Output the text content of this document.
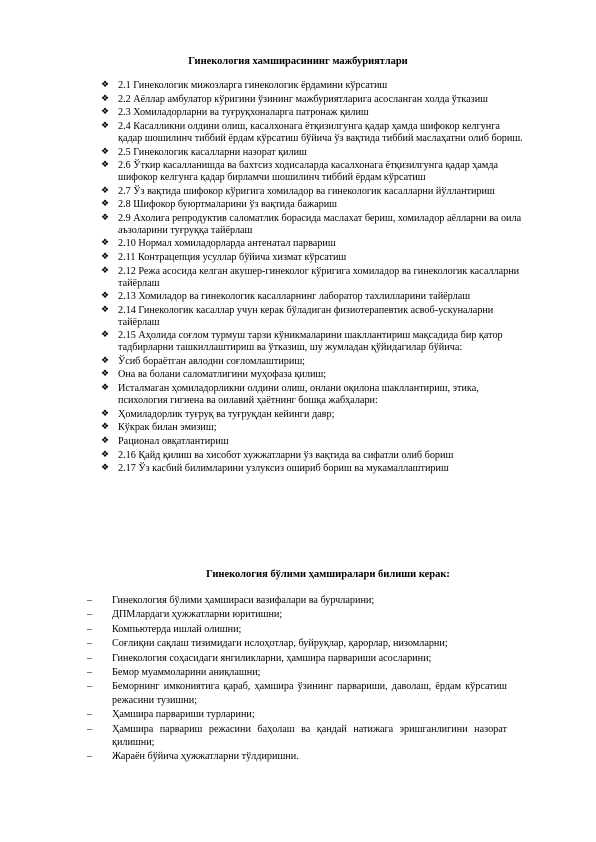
Гинекология хамширасининг мажбуриятлари
❖ 2.1 Гинекологик мижозларга гинекологик ёрдамини кўрсатиш
❖ 2.2 Аёллар амбулатор кўригини ўзининг мажбуриятларига асосланган холда ўтказиш
❖ 2.3 Хомиладорларни ва туғруқхоналарга патронаж қилиш
❖ 2.4 Касалликни олдини олиш, касалхонага ётқизилгунга қадар ҳамда шифокор келгунга қадар шошилинч тиббий ёрдам кўрсатиш бўйича ўз вақтида тиббий маслаҳатни олиб бориш.
❖ 2.5 Гинекологик касалларни назорат қилиш
❖ 2.6 Ўткир касалланишда ва бахтсиз ходисаларда касалхонага ётқизилгунга қадар ҳамда шифокор келгунга қадар бирламчи шошилинч тиббий ёрдам кўрсатиш
❖ 2.7 Ўз вақтида шифокор кўригига хомиладор ва гинекологик касалларни йўллантириш
❖ 2.8 Шифокор буюртмаларини ўз вақтида бажариш
❖ 2.9 Ахолига репродуктив саломатлик борасида маслахат бериш, хомиладор аёлларни ва оила аъзоларини туғруққа тайёрлаш
❖ 2.10 Нормал хомиладорларда антенатал парвариш
❖ 2.11 Контрацепция усуллар бўйича хизмат кўрсатиш
❖ 2.12 Режа асосида келган акушер-гинеколог кўригига хомиладор ва гинекологик касалларни тайёрлаш
❖ 2.13 Хомиладор ва гинекологик касалларнинг лаборатор тахлилларини тайёрлаш
❖ 2.14 Гинекологик касаллар учун керак бўладиган физиотерапевтик асвоб-ускуналарни тайёрлаш
❖ 2.15 Аҳолида соғлом турмуш тарзи кўникмаларини шакллантириш мақсадида бир қатор тадбирларни ташкиллаштириш ва ўтказиш, шу жумладан қўйидагилар бўйича:
❖ Ўсиб бораётган авлодни соғломлаштириш;
❖ Она ва болани саломатлигини муҳофаза қилиш;
❖ Исталмаган ҳомиладорликни олдини олиш, онлани оқилона шакллантириш, этика, психология гигиена ва оилавий ҳаётнинг бошқа жабҳалари:
❖ Ҳомиладорлик туғруқ ва туғруқдан кейинги давр;
❖ Кўкрак билан эмизиш;
❖ Рационал овқатлантириш
❖ 2.16 Қайд қилиш ва хисобот хужжатларни ўз вақтида ва сифатли олиб бориш
❖ 2.17 Ўз касбий билимларини узлуксиз ошириб бориш ва мукамаллаштириш
Гинекология бўлими ҳамширалари билиши керак:
– Гинекология бўлими ҳамшираси вазифалари ва бурчларини;
– ДПМлардаги ҳужжатларни юритишни;
– Компьютерда ишлай олишни;
– Соғлиқни сақлаш тизимидаги ислоҳотлар, буйруқлар, қарорлар, низомларни;
– Гинекология соҳасидаги янгиликларни, ҳамшира парвариши асосларини;
– Бемор муаммоларини аниқлашни;
– Беморнинг имкониятига қараб, ҳамшира ўзининг парвариши, даволаш, ёрдам кўрсатиш режасини тузишни;
– Ҳамшира парвариши турларини;
– Ҳамшира парвариш режасини баҳолаш ва қандай натижага эришганлигини назорат қилишни;
– Жараён бўйича ҳужжатларни тўлдиришни.
